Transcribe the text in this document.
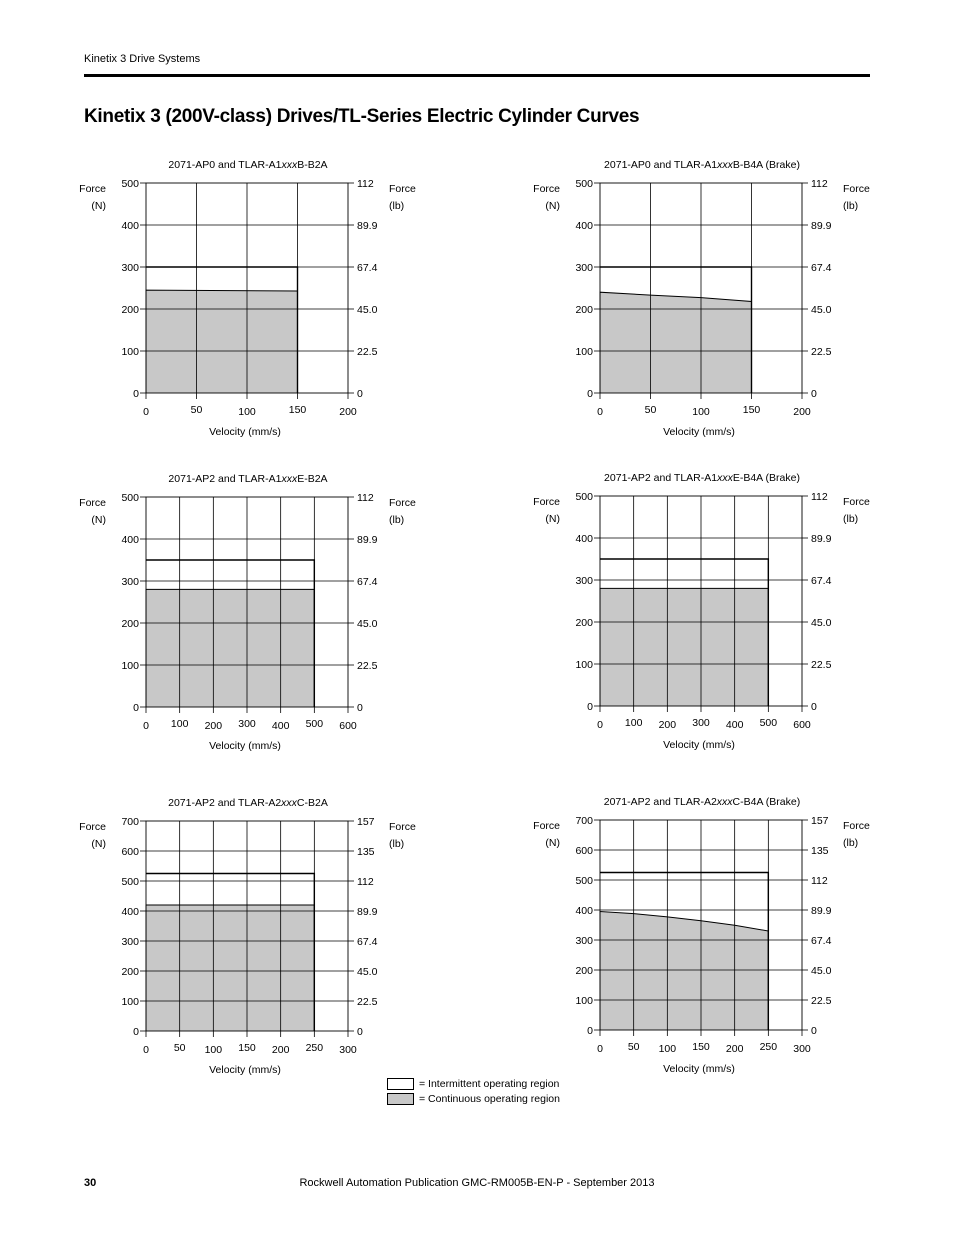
Kinetix 3 Drive Systems
Kinetix 3 (200V-class) Drives/TL-Series Electric Cylinder Curves
2071-AP0 and TLAR-A1xxxB-B2A
0
100
200
300
400
500
0
22.5
45.0
67.4
89.9
112
0	50	100	150	200
Force
(N)
Force
(lb)
Velocity (mm/s)
2071-AP0 and TLAR-A1xxxB-B4A (Brake)
0
100
200
300
400
500
0
22.5
45.0
67.4
89.9
112
0	50	100	150	200
Force
(N)
Force
(lb)
Velocity (mm/s)
2071-AP2 and TLAR-A1xxxE-B2A
0
100
200
300
400
500
0
22.5
45.0
67.4
89.9
112
0 100 200 300 400 500 600
Force
(N)
Force
(lb)
Velocity (mm/s)
2071-AP2 and TLAR-A1xxxE-B4A (Brake)
0
100
200
300
400
500
0
22.5
45.0
67.4
89.9
112
0 100 200 300 400 500 600
Force
(N)
Force
(lb)
Velocity (mm/s)
2071-AP2 and TLAR-A2xxxC-B2A
0
100
200
300
400
500
600
700
0
22.5
45.0
67.4
89.9
112
135
157
0 50 100 150 200 250 300
Force
(N)
Force
(lb)
Velocity (mm/s)
2071-AP2 and TLAR-A2xxxC-B4A (Brake)
0
100
200
300
400
500
600
700
0
22.5
45.0
67.4
89.9
112
135
157
0 50 100 150 200 250 300
Force
(N)
Force
(lb)
Velocity (mm/s)
= Intermittent operating region
= Continuous operating region
30	Rockwell Automation Publication GMC-RM005B-EN-P - September 2013
